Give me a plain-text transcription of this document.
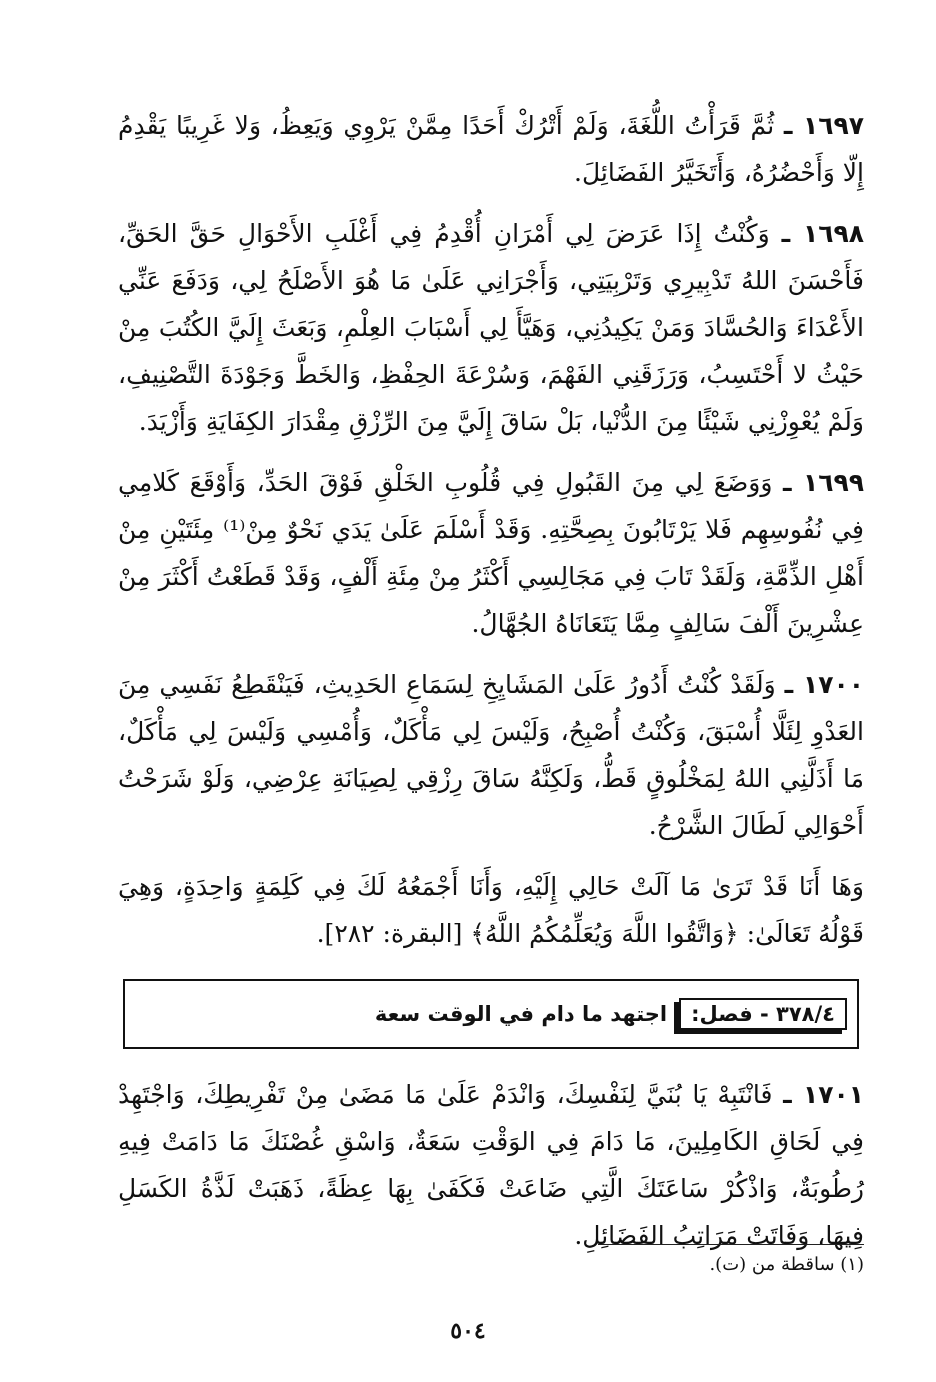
١٦٩٧ ـ ثُمَّ قَرَأْتُ اللُّغَةَ، وَلَمْ أَتْرُكْ أَحَدًا مِمَّنْ يَرْوِي وَيَعِظُ، وَلا غَرِيبًا يَقْدِمُ إِلّا وَأَحْضُرُهُ، وَأَتَخَيَّرُ الفَضَائِلَ.

١٦٩٨ ـ وَكُنْتُ إِذَا عَرَضَ لِي أَمْرَانِ أُقْدِمُ فِي أَغْلَبِ الأَحْوَالِ حَقَّ الحَقِّ، فَأَحْسَنَ اللهُ تَدْبِيرِي وَتَرْبِيَتِي، وَأَجْرَانِي عَلَىٰ مَا هُوَ الأَصْلَحُ لِي، وَدَفَعَ عَنِّي الأَعْدَاءَ وَالحُسَّادَ وَمَنْ يَكِيدُنِي، وَهَيَّأَ لِي أَسْبَابَ العِلْمِ، وَبَعَثَ إِلَيَّ الكُتُبَ مِنْ حَيْثُ لا أَحْتَسِبُ، وَرَزَقَنِي الفَهْمَ، وَسُرْعَةَ الحِفْظِ، وَالخَطَّ وَجَوْدَةَ التَّصْنِيفِ، وَلَمْ يُعْوِزْنِي شَيْئًا مِنَ الدُّنْيا، بَلْ سَاقَ إِلَيَّ مِنَ الرِّزْقِ مِقْدَارَ الكِفَايَةِ وَأَزْيَدَ.

١٦٩٩ ـ وَوَضَعَ لِي مِنَ القَبُولِ فِي قُلُوبِ الخَلْقِ فَوْقَ الحَدِّ، وَأَوْقَعَ كَلامِي فِي نُفُوسِهِم فَلا يَرْتَابُونَ بِصِحَّتِهِ. وَقَدْ أَسْلَمَ عَلَىٰ يَدَي نَحْوٌ مِنْ⁽¹⁾ مِئَتَيْنِ مِنْ أَهْلِ الذِّمَّةِ، وَلَقَدْ تَابَ فِي مَجَالِسِي أَكْثَرُ مِنْ مِئَةِ أَلْفٍ، وَقَدْ قَطَعْتُ أَكْثَرَ مِنْ عِشْرِينَ أَلْفَ سَالِفٍ مِمَّا يَتَعَانَاهُ الجُهَّالُ.

١٧٠٠ ـ وَلَقَدْ كُنْتُ أَدُورُ عَلَىٰ المَشَايِخِ لِسَمَاعِ الحَدِيثِ، فَيَنْقَطِعُ نَفَسِي مِنَ العَدْوِ لِئَلَّا أُسْبَقَ، وَكُنْتُ أُصْبِحُ، وَلَيْسَ لِي مَأْكَلٌ، وَأُمْسِي وَلَيْسَ لِي مَأْكَلٌ، مَا أَذَلَّنِي اللهُ لِمَخْلُوقٍ قَطُّ، وَلَكِنَّهُ سَاقَ رِزْقِي لِصِيَانَةِ عِرْضِي، وَلَوْ شَرَحْتُ أَحْوَالِي لَطَالَ الشَّرْحُ.

وَهَا أَنَا قَدْ تَرَىٰ مَا آلَتْ حَالِي إِلَيْهِ، وَأَنَا أَجْمَعُهُ لَكَ فِي كَلِمَةٍ وَاحِدَةٍ، وَهِيَ قَوْلُهُ تَعَالَىٰ: ﴿وَاتَّقُوا اللَّهَ وَيُعَلِّمُكُمُ اللَّهُ﴾ [البقرة: ٢٨٢].

٣٧٨/٤ - فصل:
اجتهد ما دام في الوقت سعة

١٧٠١ ـ فَانْتَبِهْ يَا بُنَيَّ لِنَفْسِكَ، وَانْدَمْ عَلَىٰ مَا مَضَىٰ مِنْ تَفْرِيطِكَ، وَاجْتَهِدْ فِي لَحَاقِ الكَامِلِينَ، مَا دَامَ فِي الوَقْتِ سَعَةٌ، وَاسْقِ غُصْنَكَ مَا دَامَتْ فِيهِ رُطُوبَةٌ، وَاذْكُرْ سَاعَتَكَ الَّتِي ضَاعَتْ فَكَفَىٰ بِهَا عِظَةً، ذَهَبَتْ لَذَّةُ الكَسَلِ فِيهَا، وَفَاتَتْ مَرَاتِبُ الفَضَائِلِ.

(١) ساقطة من (ت).
٥٠٤
